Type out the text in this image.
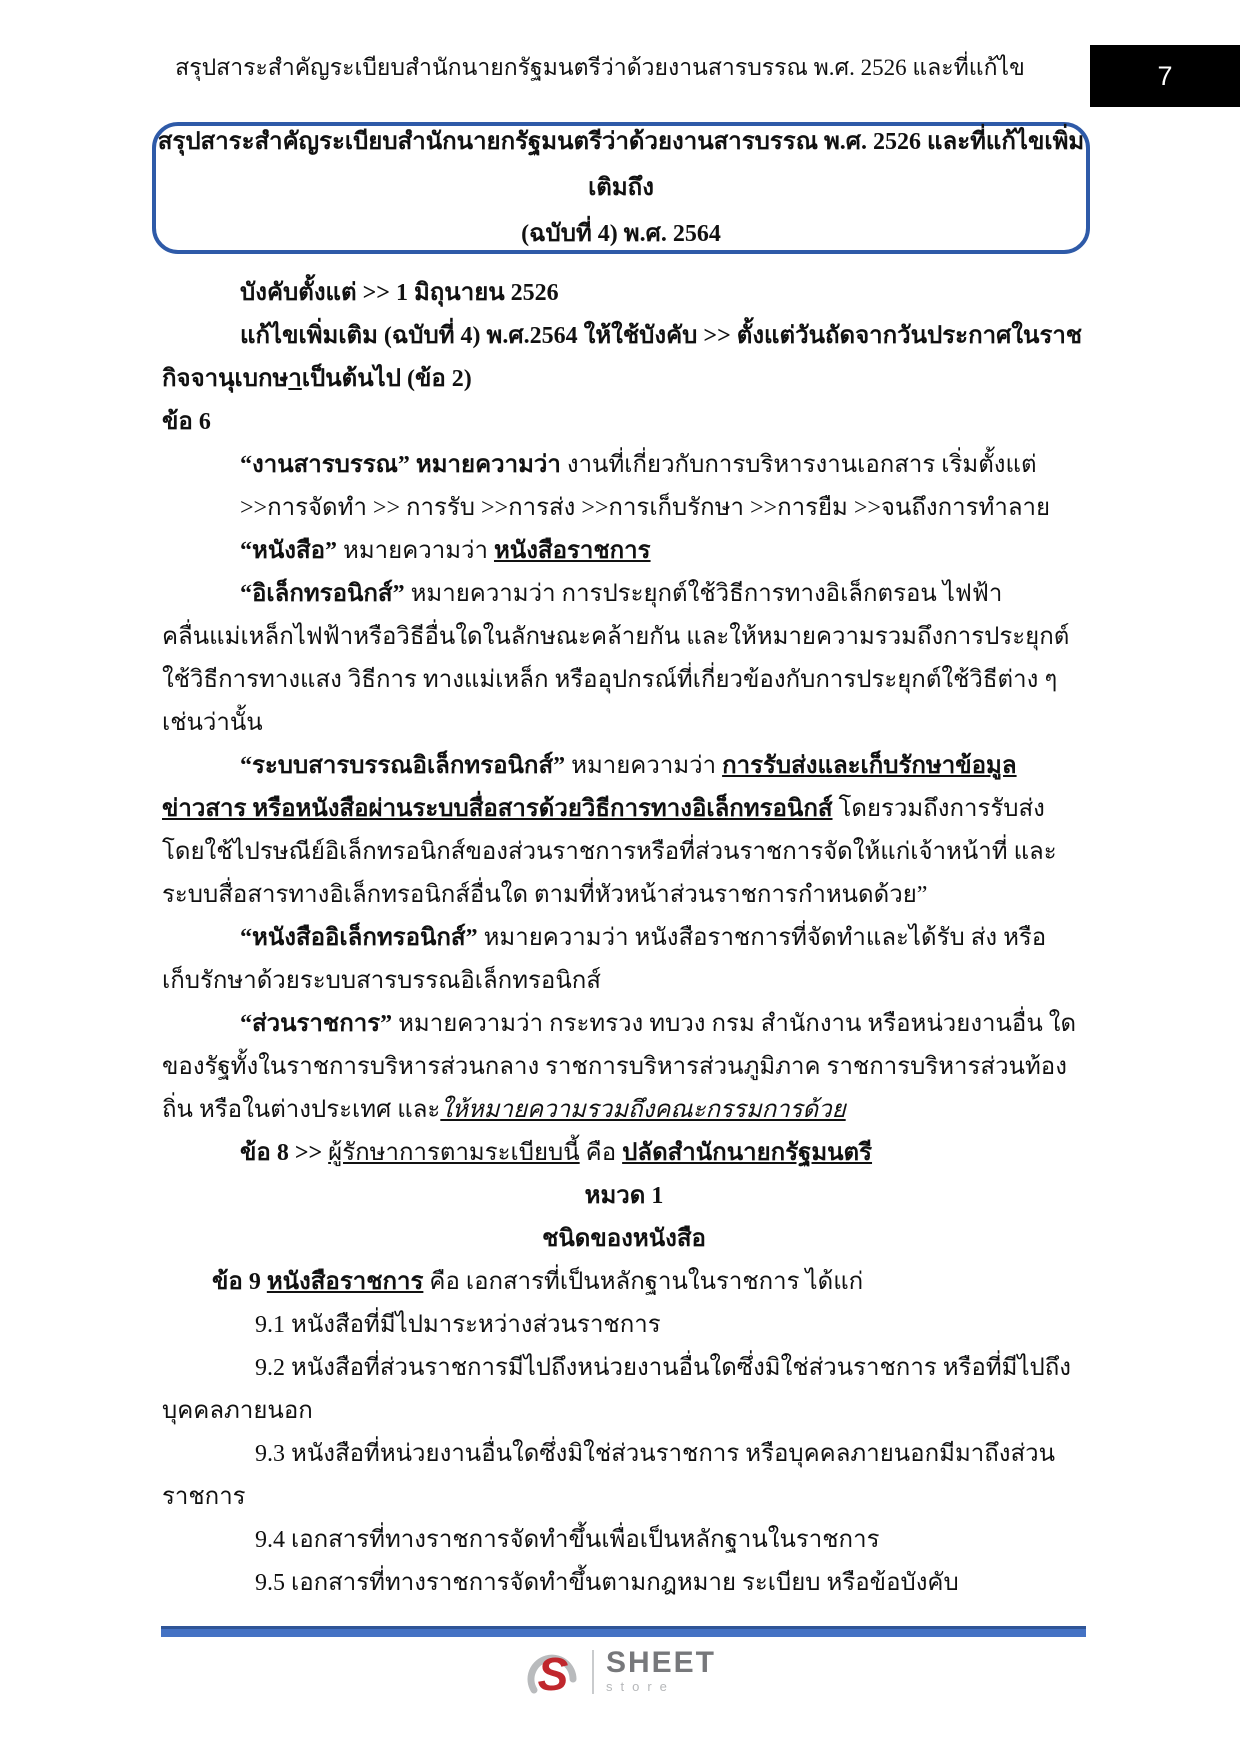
สรุปสาระสำคัญระเบียบสำนักนายกรัฐมนตรีว่าด้วยงานสารบรรณ พ.ศ. 2526 และที่แก้ไข	7
สรุปสาระสำคัญระเบียบสำนักนายกรัฐมนตรีว่าด้วยงานสารบรรณ พ.ศ. 2526 และที่แก้ไขเพิ่มเติมถึง
(ฉบับที่ 4) พ.ศ. 2564

บังคับตั้งแต่ >> 1 มิถุนายน 2526

แก้ไขเพิ่มเติม (ฉบับที่ 4) พ.ศ.2564 ให้ใช้บังคับ >> ตั้งแต่วันถัดจากวันประกาศในราชกิจจานุเบกษาเป็นต้นไป (ข้อ 2)

ข้อ 6

“งานสารบรรณ” หมายความว่า งานที่เกี่ยวกับการบริหารงานเอกสาร เริ่มตั้งแต่

>>การจัดทำ >> การรับ >>การส่ง >>การเก็บรักษา >>การยืม >>จนถึงการทำลาย

“หนังสือ” หมายความว่า หนังสือราชการ

“อิเล็กทรอนิกส์” หมายความว่า การประยุกต์ใช้วิธีการทางอิเล็กตรอน ไฟฟ้า คลื่นแม่เหล็กไฟฟ้าหรือวิธีอื่นใดในลักษณะคล้ายกัน และให้หมายความรวมถึงการประยุกต์ใช้วิธีการทางแสง วิธีการ ทางแม่เหล็ก หรืออุปกรณ์ที่เกี่ยวข้องกับการประยุกต์ใช้วิธีต่าง ๆ เช่นว่านั้น

“ระบบสารบรรณอิเล็กทรอนิกส์” หมายความว่า การรับส่งและเก็บรักษาข้อมูลข่าวสาร หรือหนังสือผ่านระบบสื่อสารด้วยวิธีการทางอิเล็กทรอนิกส์ โดยรวมถึงการรับส่งโดยใช้ไปรษณีย์อิเล็กทรอนิกส์ของส่วนราชการหรือที่ส่วนราชการจัดให้แก่เจ้าหน้าที่ และระบบสื่อสารทางอิเล็กทรอนิกส์อื่นใด ตามที่หัวหน้าส่วนราชการกำหนดด้วย”

“หนังสืออิเล็กทรอนิกส์” หมายความว่า หนังสือราชการที่จัดทำและได้รับ ส่ง หรือ เก็บรักษาด้วยระบบสารบรรณอิเล็กทรอนิกส์

“ส่วนราชการ” หมายความว่า กระทรวง ทบวง กรม สำนักงาน หรือหน่วยงานอื่น ใดของรัฐทั้งในราชการบริหารส่วนกลาง ราชการบริหารส่วนภูมิภาค ราชการบริหารส่วนท้องถิ่น หรือในต่างประเทศ และให้หมายความรวมถึงคณะกรรมการด้วย

ข้อ 8 >> ผู้รักษาการตามระเบียบนี้ คือ ปลัดสำนักนายกรัฐมนตรี

หมวด 1

ชนิดของหนังสือ

ข้อ 9 หนังสือราชการ คือ เอกสารที่เป็นหลักฐานในราชการ ได้แก่

9.1 หนังสือที่มีไปมาระหว่างส่วนราชการ

9.2 หนังสือที่ส่วนราชการมีไปถึงหน่วยงานอื่นใดซึ่งมิใช่ส่วนราชการ หรือที่มีไปถึงบุคคลภายนอก

9.3 หนังสือที่หน่วยงานอื่นใดซึ่งมิใช่ส่วนราชการ หรือบุคคลภายนอกมีมาถึงส่วนราชการ

9.4 เอกสารที่ทางราชการจัดทำขึ้นเพื่อเป็นหลักฐานในราชการ

9.5 เอกสารที่ทางราชการจัดทำขึ้นตามกฎหมาย ระเบียบ หรือข้อบังคับ

S SHEET
store
